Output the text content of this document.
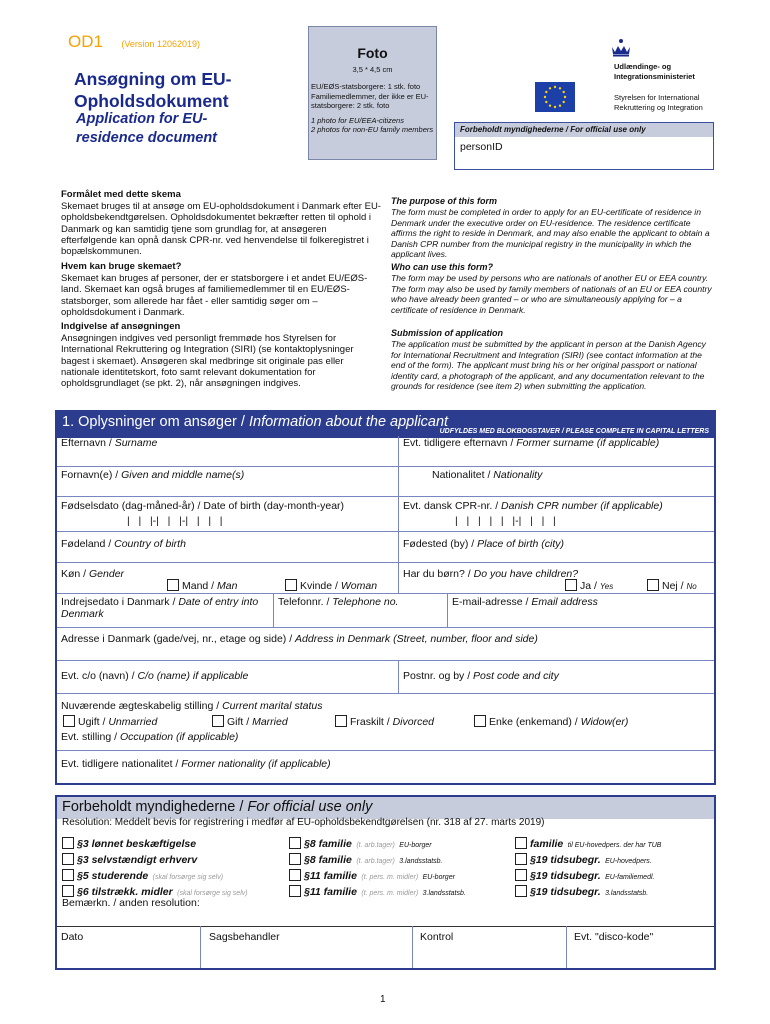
OD1 (Version 12062019)
Ansøgning om EU-Opholdsdokument
Application for EU-residence document
Foto
3,5 * 4,5 cm
EU/EØS-statsborgere: 1 stk. foto
Familiemedlemmer, der ikke er EU-statsborgere: 2 stk. foto
1 photo for EU/EEA-citizens
2 photos for non-EU family members
Udlændinge- og Integrationsministeriet
Styrelsen for International Rekruttering og Integration
Forbeholdt myndighederne / For official use only
personID
Formålet med dette skema
Skemaet bruges til at ansøge om EU-opholdsdokument i Danmark efter EU-opholdsbekendtgørelsen. Opholdsdokumentet bekræfter retten til ophold i Danmark og kan samtidig tjene som grundlag for, at ansøgeren efterfølgende kan opnå dansk CPR-nr. ved henvendelse til folkeregistret i bopælskommunen.
Hvem kan bruge skemaet?
Skemaet kan bruges af personer, der er statsborgere i et andet EU/EØS-land. Skemaet kan også bruges af familiemedlemmer til en EU/EØS-statsborger, som allerede har fået - eller samtidig søger om – opholdsdokument i Danmark.
Indgivelse af ansøgningen
Ansøgningen indgives ved personligt fremmøde hos Styrelsen for International Rekruttering og Integration (SIRI) (se kontaktoplysninger bagest i skemaet). Ansøgeren skal medbringe sit originale pas eller nationale identitetskort, foto samt relevant dokumentation for opholdsgrundlaget (se pkt. 2), når ansøgningen indgives.
The purpose of this form
The form must be completed in order to apply for an EU-certificate of residence in Denmark under the executive order on EU-residence. The residence certificate affirms the right to reside in Denmark, and may also enable the applicant to obtain a Danish CPR number from the municipal registry in the municipality in which the applicant lives.
Who can use this form?
The form may be used by persons who are nationals of another EU or EEA country. The form may also be used by family members of nationals of an EU or EEA country who have already been granted – or who are simultaneously applying for – a certificate of residence in Denmark.
Submission of application
The application must be submitted by the applicant in person at the Danish Agency for International Recruitment and Integration (SIRI) (see contact information at the end of the form). The applicant must bring his or her original passport or national identity card, a photograph of the applicant, and any documentation relevant to the grounds for residence (see item 2) when submitting the application.
1. Oplysninger om ansøger / Information about the applicant
UDFYLDES MED BLOKBOGSTAVER / PLEASE COMPLETE IN CAPITAL LETTERS
Efternavn / Surname	Evt. tidligere efternavn / Former surname (if applicable)
Fornavn(e) / Given and middle name(s)	Nationalitet / Nationality
Fødselsdato (dag-måned-år) / Date of birth (day-month-year)
|   |   |-|   |   |-|   |   |   |
Evt. dansk CPR-nr. / Danish CPR number (if applicable)
|   |   |   |   |   |-|   |   |   |
Fødeland / Country of birth	Fødested (by) / Place of birth (city)
Køn / Gender
Mand / Man	Kvinde / Woman
Har du børn? / Do you have children?
Ja / Yes	Nej / No
Indrejsedato i Danmark / Date of entry into Denmark
Telefonnr. / Telephone no.	E-mail-adresse / Email address
Adresse i Danmark (gade/vej, nr., etage og side) / Address in Denmark (Street, number, floor and side)
Evt. c/o (navn) / C/o (name) if applicable	Postnr. og by / Post code and city
Nuværende ægteskabelig stilling / Current marital status
Ugift / Unmarried	Gift / Married	Fraskilt / Divorced	Enke (enkemand) / Widow(er)
Evt. stilling / Occupation (if applicable)
Evt. tidligere nationalitet / Former nationality (if applicable)
Forbeholdt myndighederne / For official use only
Resolution: Meddelt bevis for registrering i medfør af EU-opholdsbekendtgørelsen (nr. 318 af 27. marts 2019)
§3 lønnet beskæftigelse
§3 selvstændigt erhverv
§5 studerende (skal forsørge sig selv)
§6 tilstrækk. midler (skal forsørge sig selv)
§8 familie (t. arb.tager) EU-borger
§8 familie (t. arb.tager) 3.landsstatsb.
§11 familie (t. pers. m. midler) EU-borger
§11 familie (t. pers. m. midler) 3.landsstatsb.
familie til EU-hovedpers. der har TUB
§19 tidsubegr. EU-hovedpers.
§19 tidsubegr. EU-familiemedl.
§19 tidsubegr. 3.landsstatsb.
Bemærkn. / anden resolution:
Dato	Sagsbehandler	Kontrol	Evt. "disco-kode"
1
